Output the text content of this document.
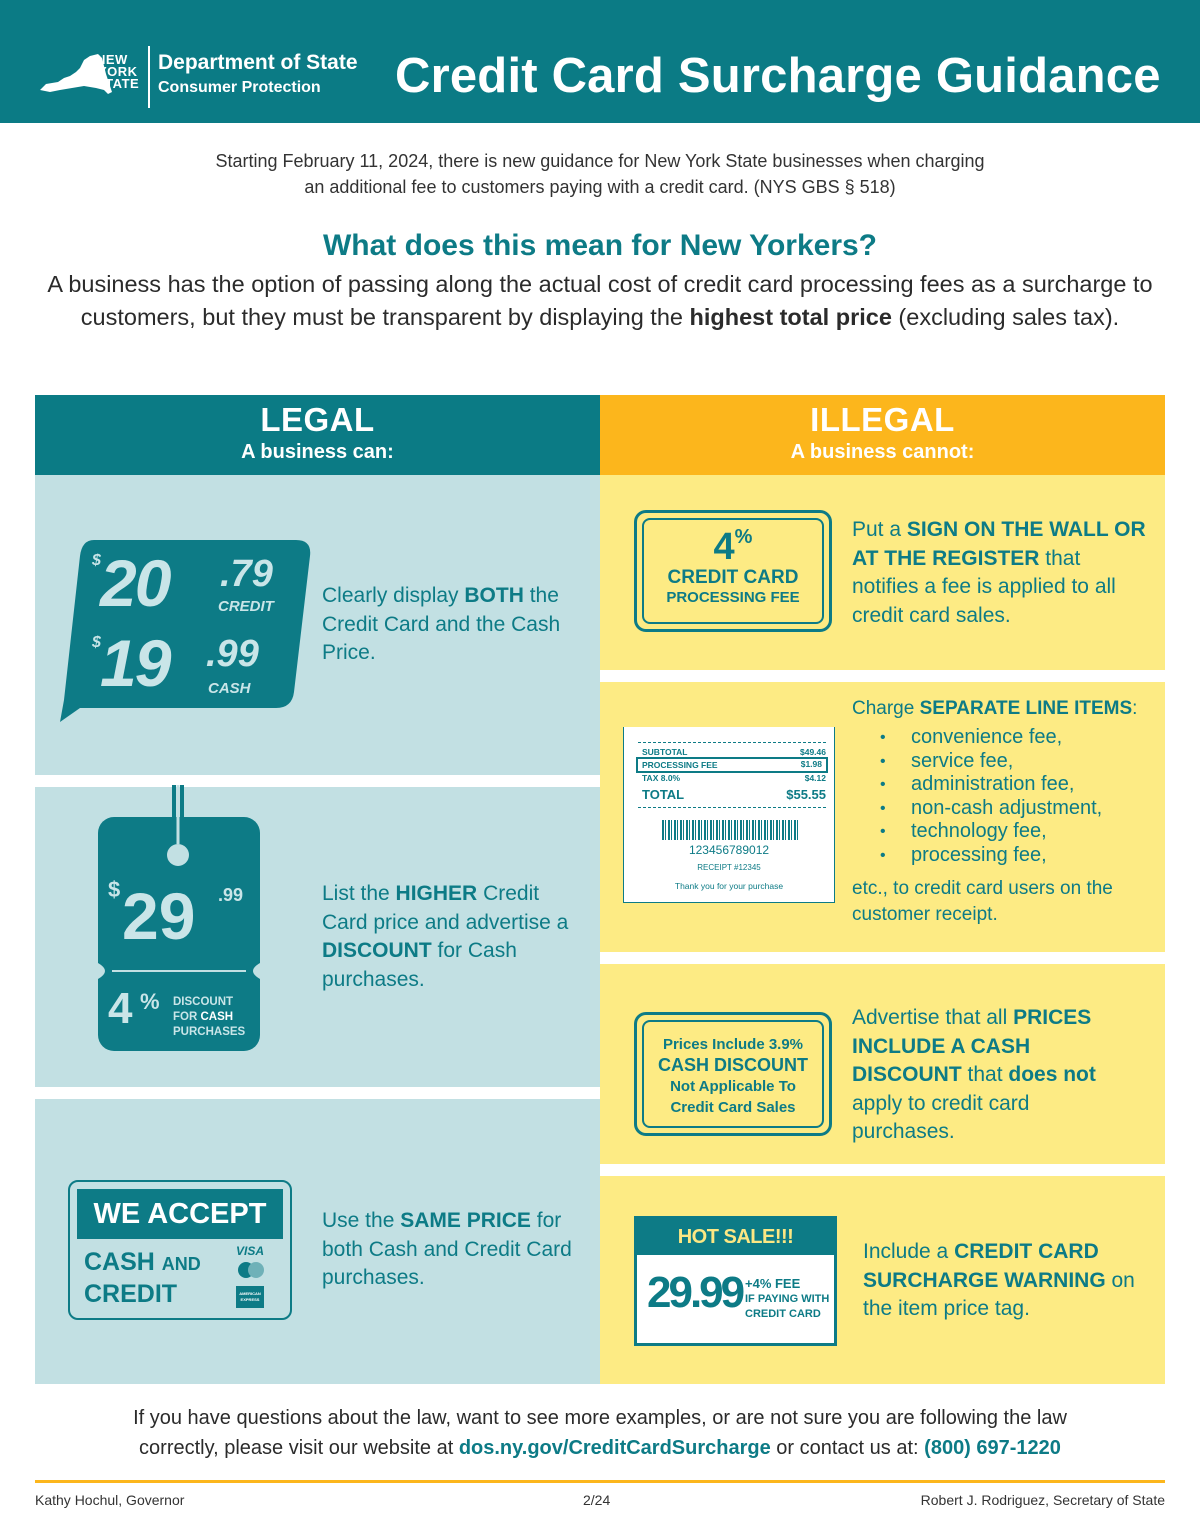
NEW
YORK
STATE
Department of State
Consumer Protection Credit Card Surcharge Guidance
Starting February 11, 2024, there is new guidance for New York State businesses when charging
an additional fee to customers paying with a credit card. (NYS GBS § 518)
What does this mean for New Yorkers?
A business has the option of passing along the actual cost of credit card processing fees as a surcharge to customers, but they must be transparent by displaying the highest total price (excluding sales tax).
LEGAL
A business can:
ILLEGAL
A business cannot:
$ 20 .79
CREDIT
$ 19 .99
CASH
Clearly display BOTH the Credit Card and the Cash Price.
$ 29 .99
4 % DISCOUNT
FOR CASH
PURCHASES
List the HIGHER Credit Card price and advertise a DISCOUNT for Cash purchases.
WE ACCEPT
CASH AND
CREDIT
VISA
AMERICAN EXPRESS
Use the SAME PRICE for both Cash and Credit Card purchases.
4%
CREDIT CARD
PROCESSING FEE
Put a SIGN ON THE WALL OR AT THE REGISTER that notifies a fee is applied to all credit card sales.
SUBTOTAL	$49.46
PROCESSING FEE	$1.98
TAX 8.0%	$4.12
TOTAL	$55.55
123456789012
RECEIPT #12345
Thank you for your purchase
Charge SEPARATE LINE ITEMS:
• convenience fee,
• service fee,
• administration fee,
• non-cash adjustment,
• technology fee,
• processing fee,
etc., to credit card users on the customer receipt.
Prices Include 3.9%
CASH DISCOUNT
Not Applicable To
Credit Card Sales
Advertise that all PRICES INCLUDE A CASH DISCOUNT that does not apply to credit card purchases.
HOT SALE!!!
29.99 +4% FEE
IF PAYING WITH
CREDIT CARD
Include a CREDIT CARD SURCHARGE WARNING on the item price tag.
If you have questions about the law, want to see more examples, or are not sure you are following the law
correctly, please visit our website at dos.ny.gov/CreditCardSurcharge or contact us at: (800) 697-1220
Kathy Hochul, Governor	2/24	Robert J. Rodriguez, Secretary of State
